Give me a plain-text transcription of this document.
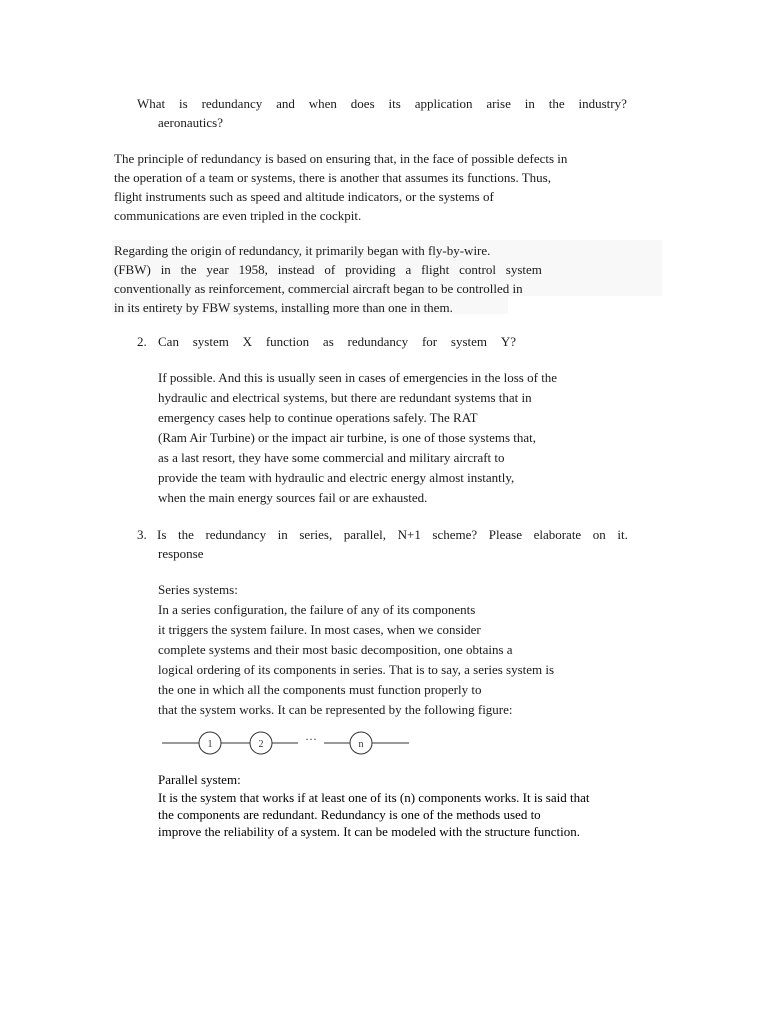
What is redundancy and when does its application arise in the industry?
aeronautics?
The principle of redundancy is based on ensuring that, in the face of possible defects in
the operation of a team or systems, there is another that assumes its functions. Thus,
flight instruments such as speed and altitude indicators, or the systems of
communications are even tripled in the cockpit.
Regarding the origin of redundancy, it primarily began with fly-by-wire.
(FBW) in the year 1958, instead of providing a flight control system
conventionally as reinforcement, commercial aircraft began to be controlled in
in its entirety by FBW systems, installing more than one in them.
2. Can system X function as redundancy for system Y?
If possible. And this is usually seen in cases of emergencies in the loss of the
hydraulic and electrical systems, but there are redundant systems that in
emergency cases help to continue operations safely. The RAT
(Ram Air Turbine) or the impact air turbine, is one of those systems that,
as a last resort, they have some commercial and military aircraft to
provide the team with hydraulic and electric energy almost instantly,
when the main energy sources fail or are exhausted.
3. Is the redundancy in series, parallel, N+1 scheme? Please elaborate on it.
response
Series systems:
In a series configuration, the failure of any of its components
it triggers the system failure. In most cases, when we consider
complete systems and their most basic decomposition, one obtains a
logical ordering of its components in series. That is to say, a series system is
the one in which all the components must function properly to
that the system works. It can be represented by the following figure:
1	2	···	n
Parallel system:
It is the system that works if at least one of its (n) components works. It is said that
the components are redundant. Redundancy is one of the methods used to
improve the reliability of a system. It can be modeled with the structure function.
